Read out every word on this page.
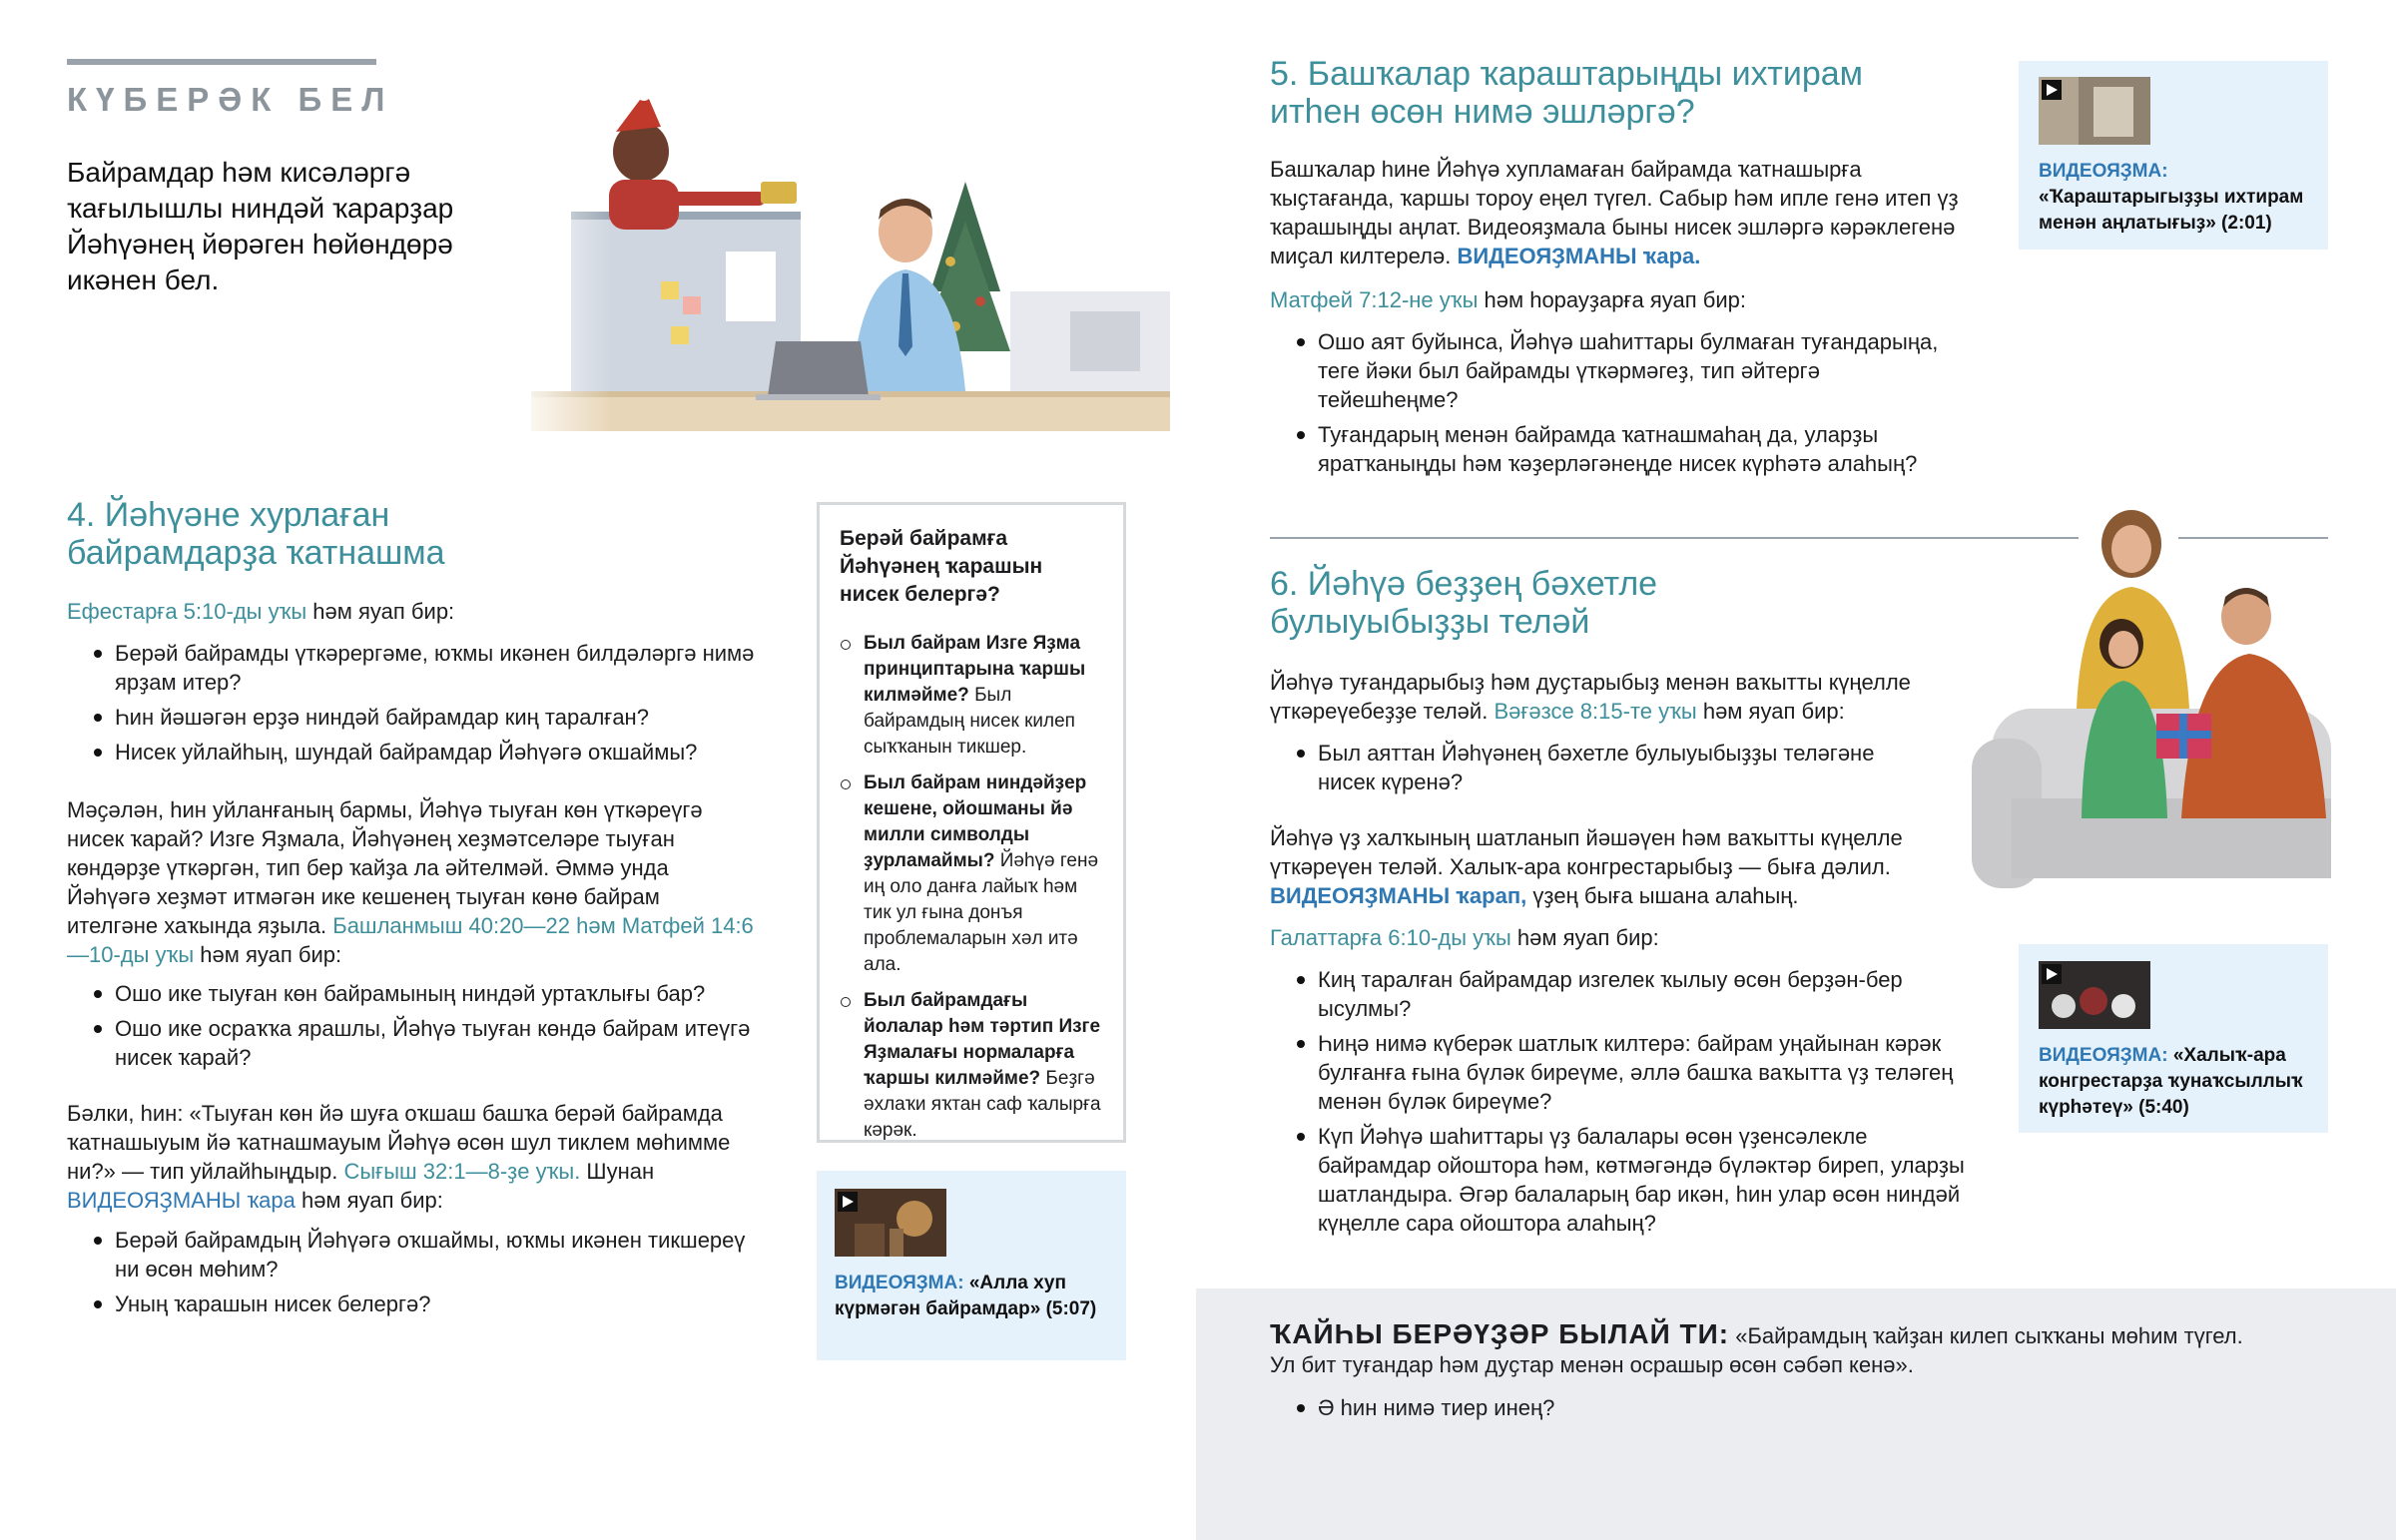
КҮБЕРӘК БЕЛ
Байрамдар һәм кисәләргә ҡағылышлы ниндәй ҡарарҙар Йәһүәнең йөрәген һөйөндөрә икәнен бел.
4. Йәһүәне хурлаған байрамдарҙа ҡатнашма
Ефестарға 5:10-ды уҡы һәм яуап бир:
Берәй байрамды үткәрергәме, юҡмы икәнен билдәләргә нимә ярҙам итер?
Һин йәшәгән ерҙә ниндәй байрамдар киң таралған?
Нисек уйлайһың, шундай байрамдар Йәһүәгә оҡшаймы?
Мәҫәлән, һин уйланғаның бармы, Йәһүә тыуған көн үткәреүгә нисек ҡарай? Изге Яҙмала, Йәһүәнең хеҙмәтселәре тыуған көндәрҙе үткәргән, тип бер ҡайҙа ла әйтелмәй. Әммә унда Йәһүәгә хеҙмәт итмәгән ике кешенең тыуған көнө байрам ителгәне хаҡында яҙыла. Башланмыш 40:20—22 һәм Матфей 14:6—10-ды уҡы һәм яуап бир:
Ошо ике тыуған көн байрамының ниндәй уртаҡлығы бар?
Ошо ике осраҡҡа ярашлы, Йәһүә тыуған көндә байрам итеүгә нисек ҡарай?
Бәлки, һин: «Тыуған көн йә шуға оҡшаш башҡа берәй байрамда ҡатнашыуым йә ҡатнашмауым Йәһүә өсөн шул тиклем мөһимме ни?» — тип уйлайһыңдыр. Сығыш 32:1—8-ҙе уҡы. Шунан ВИДЕОЯҘМАНЫ ҡара һәм яуап бир:
Берәй байрамдың Йәһүәгә оҡшаймы, юҡмы икәнен тикшереү ни өсөн мөһим?
Уның ҡарашын нисек белергә?
Берәй байрамға Йәһүәнең ҡарашын нисек белергә?
Был байрам Изге Яҙма принциптарына ҡаршы килмәйме? Был байрамдың нисек килеп сыҡҡанын тикшер.
Был байрам ниндәйҙер кешене, ойошманы йә милли символды ҙурламаймы? Йәһүә генә иң оло данға лайыҡ һәм тик ул ғына донъя проблемаларын хәл итә ала.
Был байрамдағы йолалар һәм тәртип Изге Яҙмалағы нормаларға ҡаршы килмәйме? Беҙгә әхлаҡи яҡтан саф ҡалырға кәрәк.
ВИДЕОЯҘМА: «Алла хуп күрмәгән байрамдар» (5:07)
5. Башҡалар ҡараштарыңды ихтирам итһен өсөн нимә эшләргә?
ВИДЕОЯҘМА:
«Ҡараштарыгыҙҙы ихтирам менән аңлатығыҙ» (2:01)
Башҡалар һине Йәһүә хупламаған байрамда ҡатнашырға ҡыҫтағанда, ҡаршы тороу еңел түгел. Сабыр һәм ипле генә итеп үҙ ҡарашыңды аңлат. Видеояҙмала быны нисек эшләргә кәрәклегенә миҫал килтерелә. ВИДЕОЯҘМАНЫ ҡара.
Матфей 7:12-не уҡы һәм һорауҙарға яуап бир:
Ошо аят буйынса, Йәһүә шаһиттары булмаған туғандарыңа, теге йәки был байрамды үткәрмәгеҙ, тип әйтергә тейешһеңме?
Туғандарың менән байрамда ҡатнашмаһаң да, уларҙы яратҡаныңды һәм ҡәҙерләгәнеңде нисек күрһәтә алаһың?
6. Йәһүә беҙҙең бәхетле булыуыбыҙҙы теләй
Йәһүә туғандарыбыҙ һәм дуҫтарыбыҙ менән ваҡытты күңелле үткәреүебеҙҙе теләй. Вәғәзсе 8:15-те уҡы һәм яуап бир:
Был аяттан Йәһүәнең бәхетле булыуыбыҙҙы теләгәне нисек күренә?
Йәһүә үҙ халҡының шатланып йәшәүен һәм ваҡытты күңелле үткәреүен теләй. Халыҡ-ара конгрестарыбыҙ — быға дәлил. ВИДЕОЯҘМАНЫ ҡарап, үҙең быға ышана алаһың.
Галаттарға 6:10-ды уҡы һәм яуап бир:
Киң таралған байрамдар изгелек ҡылыу өсөн берҙән-бер ысулмы?
Һиңә нимә күберәк шатлыҡ килтерә: байрам уңайынан кәрәк булғанға ғына бүләк биреүме, әллә башҡа ваҡытта үҙ теләгең менән бүләк биреүме?
Күп Йәһүә шаһиттары үҙ балалары өсөн үҙенсәлекле байрамдар ойоштора һәм, көтмәгәндә бүләктәр биреп, уларҙы шатландыра. Әгәр балаларың бар икән, һин улар өсөн ниндәй күңелле сара ойоштора алаһың?
ВИДЕОЯҘМА: «Халыҡ-ара конгрестарҙа ҡунаҡсыллыҡ күрһәтеү» (5:40)
ҠАЙҺЫ БЕРӘҮҘӘР БЫЛАЙ ТИ: «Байрамдың ҡайҙан килеп сыҡҡаны мөһим түгел. Ул бит туғандар һәм дуҫтар менән осрашыр өсөн сәбәп кенә».
Ә һин нимә тиер инең?
